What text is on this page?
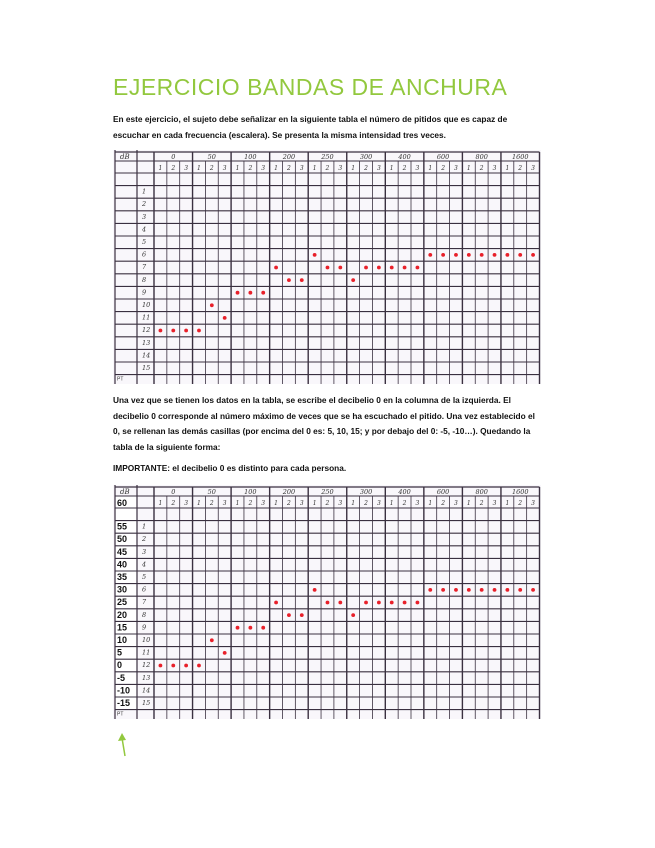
EJERCICIO BANDAS DE ANCHURA

En este ejercicio, el sujeto debe señalizar en la siguiente tabla el número de pitidos que es capaz de escuchar en cada frecuencia (escalera). Se presenta la misma intensidad tres veces.

dB	0
1 2 3
50
1 2 3
100
1 2 3
200
1 2 3
250
1 2 3
300
1 2 3
400
1 2 3
600
1 2 3
800
1 2 3
1600
1 2 3
1
2
3
4
5
6
7
8
9
10
11
12
13
14
15
PT

Una vez que se tienen los datos en la tabla, se escribe el decibelio 0 en la columna de la izquierda. El decibelio 0 corresponde al número máximo de veces que se ha escuchado el pitido. Una vez establecido el 0, se rellenan las demás casillas (por encima del 0 es: 5, 10, 15; y por debajo del 0: -5, -10…). Quedando la tabla de la siguiente forma:

IMPORTANTE: el decibelio 0 es distinto para cada persona.

dB	0
1 2 3
50
1 2 3
100
1 2 3
200
1 2 3
250
1 2 3
300
1 2 3
400
1 2 3
600
1 2 3
800
1 2 3
1600
1 2 3
1
2
3
4
5
6
7
8
9
10
11
12
13
14
15
PT
60
55
50
45
40
35
30
25
20
15
10
5
0
-5
-10
-15
